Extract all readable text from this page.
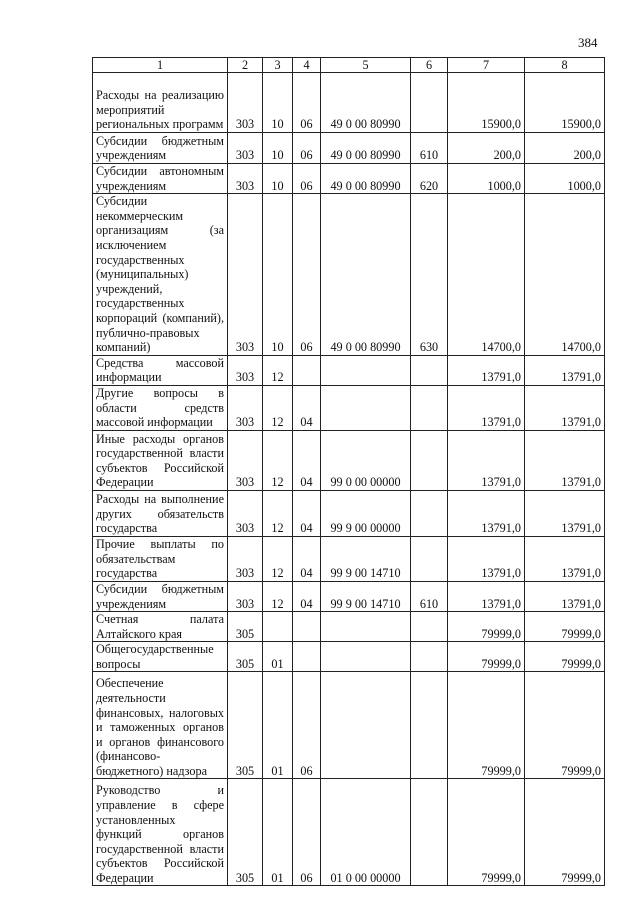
384
1	2	3	4	5	6	7	8
Расходы на реализацию мероприятий региональных программ	303	10	06	49 0 00 80990		15900,0	15900,0
Субсидии бюджетным учреждениям	303	10	06	49 0 00 80990	610	200,0	200,0
Субсидии автономным учреждениям	303	10	06	49 0 00 80990	620	1000,0	1000,0
Субсидии некоммерческим организациям (за исключением государственных (муниципальных) учреждений, государственных корпораций (компаний), публично-правовых компаний)	303	10	06	49 0 00 80990	630	14700,0	14700,0
Средства массовой информации	303	12				13791,0	13791,0
Другие вопросы в области средств массовой информации	303	12	04			13791,0	13791,0
Иные расходы органов государственной власти субъектов Российской Федерации	303	12	04	99 0 00 00000		13791,0	13791,0
Расходы на выполнение других обязательств государства	303	12	04	99 9 00 00000		13791,0	13791,0
Прочие выплаты по обязательствам государства	303	12	04	99 9 00 14710		13791,0	13791,0
Субсидии бюджетным учреждениям	303	12	04	99 9 00 14710	610	13791,0	13791,0
Счетная палата Алтайского края	305					79999,0	79999,0
Общегосударственные вопросы	305	01				79999,0	79999,0
Обеспечение деятельности финансовых, налоговых и таможенных органов и органов финансового (финансово-бюджетного) надзора	305	01	06			79999,0	79999,0
Руководство и управление в сфере установленных функций органов государственной власти субъектов Российской Федерации	305	01	06	01 0 00 00000		79999,0	79999,0
